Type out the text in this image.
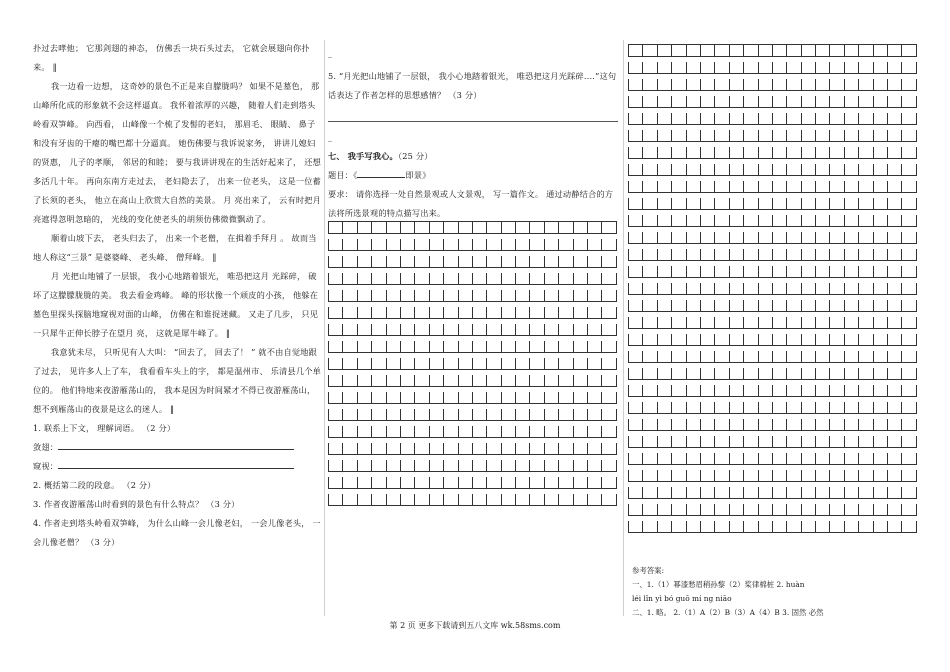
扑过去哮他； 它那剑翅的神态， 仿佛丢一块石头过去， 它就会展翅向你扑来。 ‖

我一边看一边想， 这奇妙的景色不正是来自朦胧吗？ 如果不是墓色， 那山峰所化成的形象就不会这样逼真。 我怀着浓厚的兴趣， 随着人们走到塔头岭看双笋峰。 向西看， 山峰像一个梳了发髻的老妇， 那眉毛、 眼睛、 鼻子和没有牙齿的干瘪的嘴巴都十分逼真。 她伤佛要与我诉说家务， 讲讲儿媳妇的贤惠， 儿子的孝顺， 邻居的和睦； 要与我讲讲现在的生活好起来了， 还想多活几十年。 再向东南方走过去， 老妇隐去了， 出来一位老头， 这是一位蓄了长须的老头， 他立在高山上欣赏大自然的美景。 月 亮出来了， 云有时把月 亮遮得忽明忽暗的， 光线的变化使老头的胡须仿佛微微飘动了。

顺着山坡下去， 老头归去了， 出来一个老僧， 在揖着手拜月 。 故而当地人称这“三景” 是婆婆峰、 老头峰、 僧拜峰。 ‖

月 光把山地铺了一层银， 我小心地踏着银光， 唯恐把这月 光踩碎， 破坏了这朦朦胧胧的美。 我去看金鸡峰。 峰的形状像一个顽皮的小孩， 他躲在墓色里探头探脑地窥视对面的山峰， 仿佛在和谁捉迷藏。 又走了几步， 只见一只犀牛正伸长脖子在望月 亮， 这就是犀牛峰了。 ‖

我意犹未尽， 只听见有人大叫： “回去了， 回去了！ ” 就不由自觉地跟了过去， 见许多人上了车， 我看看车头上的字， 都是温州市、 乐清县几个单位的。 他们特地来夜游雁荡山的， 我本是因为时间紧才不得已夜游雁荡山， 想不到雁荡山的夜景是这么的迷人。 ‖

1. 联系上下文， 理解词语。 （2 分）

敛翅：

窥视：

2. 概括第二段的段意。 （2 分）

3. 作者夜游雁荡山时看到的景色有什么特点？ （3 分）

4. 作者走到塔头岭看双笋峰， 为什么山峰一会儿像老妇， 一会儿像老头， 一会儿像老僧？ （3 分）

_

5. “月光把山地铺了一层银， 我小心地踏着银光， 唯恐把这月光踩碎....”这句话表达了作者怎样的思想感情？ （3 分）

_

七、 我手写我心。（25 分）

题目：《	即景》

要求： 请你选择一处自然景观或人文景观， 写一篇作文。 通过动静结合的方法将所选景观的特点描写出来。

参考答案:

一、1.（1）幂漆愁眉稍孙黎（2）桨律棉桩 2. huàn

léi lǐn yì bó guō mí ng niāo

二、1. 略。 2.（1）A（2）B（3）A（4）B 3. 固然 必然

第 2 页 更多下载请到五八文库 wk.58sms.com
